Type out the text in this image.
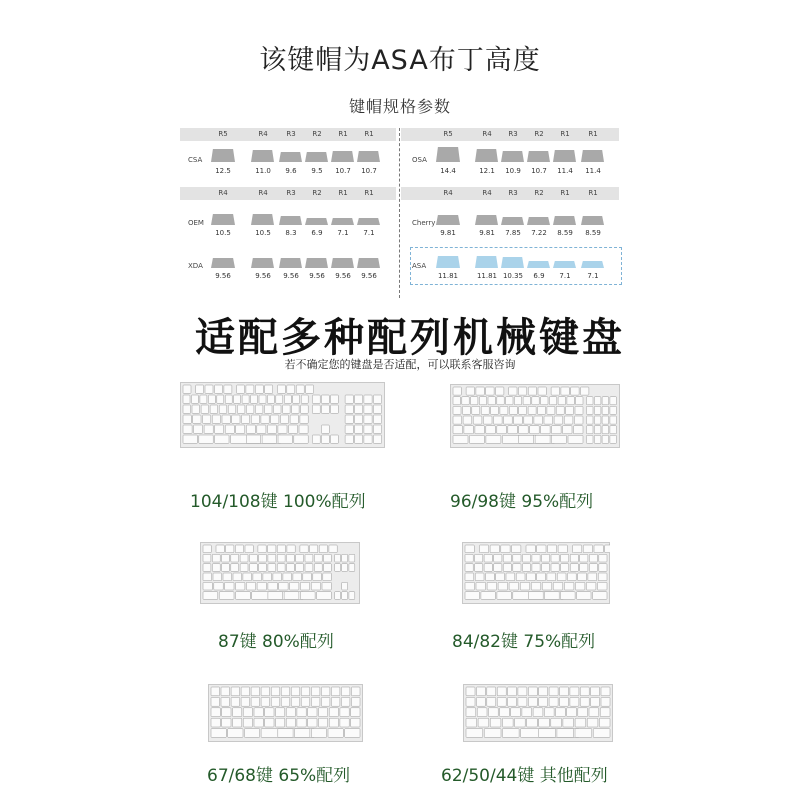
该键帽为ASA布丁高度
键帽规格参数
R5	R4	R3	R2	R1	R1
CSA
12.5	11.0	9.6	9.5	10.7	10.7
R4	R4	R3	R2	R1	R1
OEM
10.5	10.5	8.3	6.9	7.1	7.1
XDA
9.56	9.56	9.56	9.56	9.56	9.56
R5	R4	R3	R2	R1	R1
OSA
14.4	12.1	10.9	10.7	11.4	11.4
R4	R4	R3	R2	R1	R1
Cherry
9.81	9.81	7.85	7.22	8.59	8.59
ASA
11.81	11.81 10.35	6.9	7.1	7.1
适配多种配列机械键盘
若不确定您的键盘是否适配，可以联系客服咨询
104/108键 100%配列	96/98键 95%配列
87键 80%配列	84/82键 75%配列
67/68键 65%配列	62/50/44键 其他配列
